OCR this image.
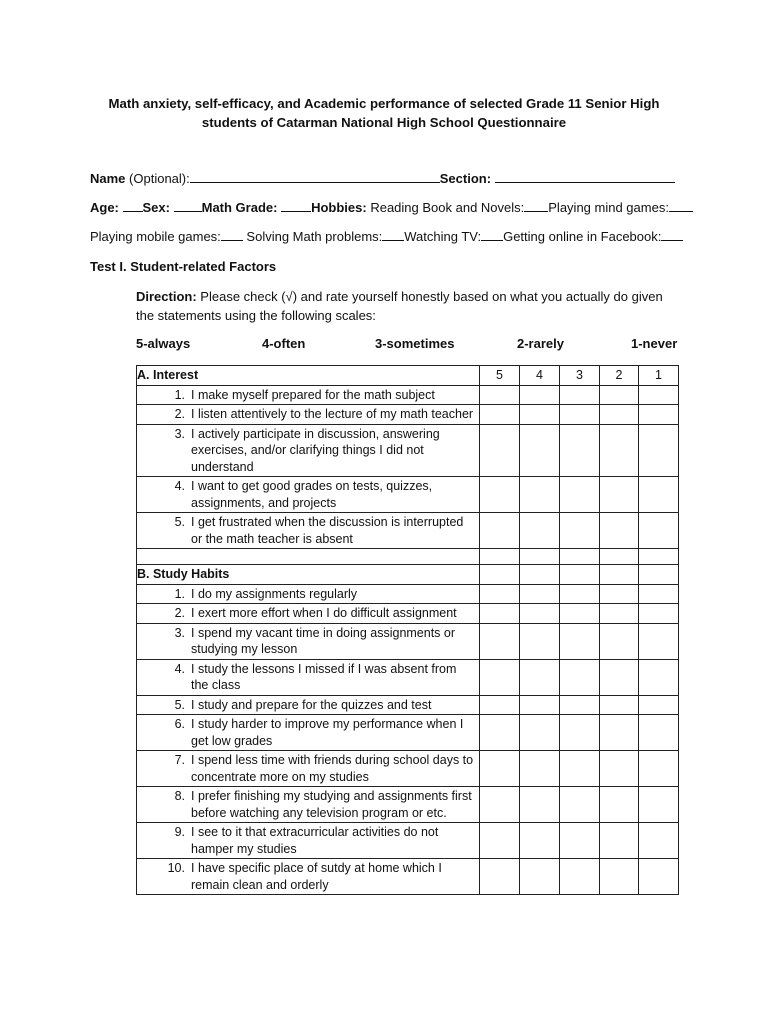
Math anxiety, self-efficacy, and Academic performance of selected Grade 11 Senior High
students of Catarman National High School Questionnaire
Name (Optional):	Section:
Age: Sex: Math Grade:	Hobbies: Reading Book and Novels: Playing mind games:
Playing mobile games: Solving Math problems: Watching TV: Getting online in Facebook:
Test I. Student-related Factors
Direction: Please check (√) and rate yourself honestly based on what you actually do given the statements using the following scales:
5-always	4-often	3-sometimes	2-rarely	1-never
A. Interest	5	4	3	2	1

1. I make myself prepared for the math subject					

2. I listen attentively to the lecture of my math teacher					

3. I actively participate in discussion, answering exercises, and/or clarifying things I did not understand					

4. I want to get good grades on tests, quizzes, assignments, and projects					

5. I get frustrated when the discussion is interrupted or the math teacher is absent					

B. Study Habits					

1. I do my assignments regularly					

2. I exert more effort when I do difficult assignment					

3. I spend my vacant time in doing assignments or studying my lesson					

4. I study the lessons I missed if I was absent from the class					

5. I study and prepare for the quizzes and test					

6. I study harder to improve my performance when I get low grades					

7. I spend less time with friends during school days to concentrate more on my studies					

8. I prefer finishing my studying and assignments first before watching any television program or etc.					

9. I see to it that extracurricular activities do not hamper my studies					

10. I have specific place of sutdy at home which I remain clean and orderly					
